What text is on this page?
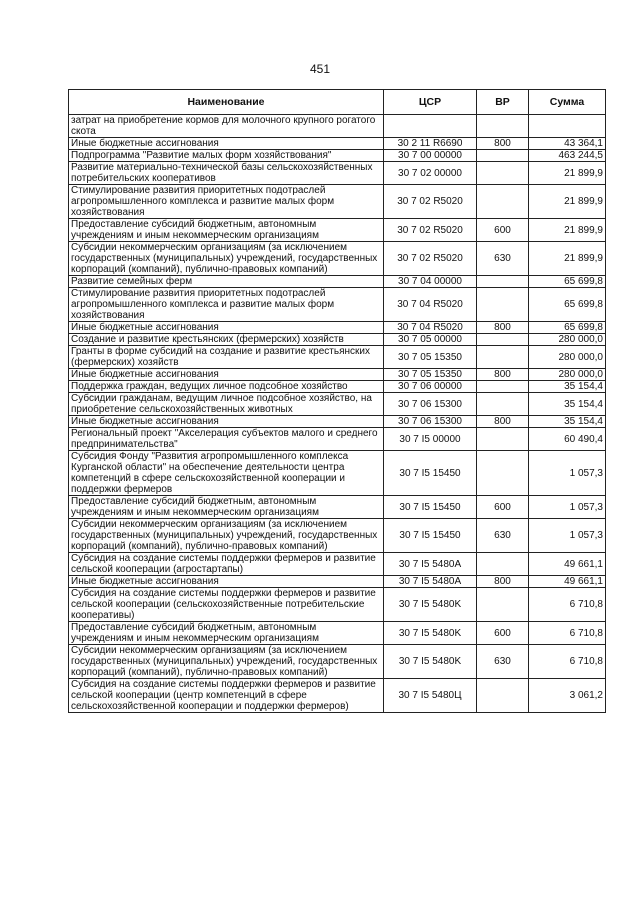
451
Наименование	ЦСР	ВР	Сумма
затрат на приобретение кормов для молочного крупного рогатого скота			
Иные бюджетные ассигнования	30 2 11 R6690	800	43 364,1
Подпрограмма "Развитие малых форм хозяйствования"	30 7 00 00000		463 244,5
Развитие материально-технической базы сельскохозяйственных потребительских кооперативов	30 7 02 00000		21 899,9
Стимулирование развития приоритетных подотраслей агропромышленного комплекса и развитие малых форм хозяйствования	30 7 02 R5020		21 899,9
Предоставление субсидий бюджетным, автономным учреждениям и иным некоммерческим организациям	30 7 02 R5020	600	21 899,9
Субсидии некоммерческим организациям (за исключением государственных (муниципальных) учреждений, государственных корпораций (компаний), публично-правовых компаний)	30 7 02 R5020	630	21 899,9
Развитие семейных ферм	30 7 04 00000		65 699,8
Стимулирование развития приоритетных подотраслей агропромышленного комплекса и развитие малых форм хозяйствования	30 7 04 R5020		65 699,8
Иные бюджетные ассигнования	30 7 04 R5020	800	65 699,8
Создание и развитие крестьянских (фермерских) хозяйств	30 7 05 00000		280 000,0
Гранты в форме субсидий на создание и развитие крестьянских (фермерских) хозяйств	30 7 05 15350		280 000,0
Иные бюджетные ассигнования	30 7 05 15350	800	280 000,0
Поддержка граждан, ведущих личное подсобное хозяйство	30 7 06 00000		35 154,4
Субсидии гражданам, ведущим личное подсобное хозяйство, на приобретение сельскохозяйственных животных	30 7 06 15300		35 154,4
Иные бюджетные ассигнования	30 7 06 15300	800	35 154,4
Региональный проект "Акселерация субъектов малого и среднего предпринимательства"	30 7 I5 00000		60 490,4
Субсидия Фонду "Развития агропромышленного комплекса Курганской области" на обеспечение деятельности центра компетенций в сфере сельскохозяйственной кооперации и поддержки фермеров	30 7 I5 15450		1 057,3
Предоставление субсидий бюджетным, автономным учреждениям и иным некоммерческим организациям	30 7 I5 15450	600	1 057,3
Субсидии некоммерческим организациям (за исключением государственных (муниципальных) учреждений, государственных корпораций (компаний), публично-правовых компаний)	30 7 I5 15450	630	1 057,3
Субсидия на создание системы поддержки фермеров и развитие сельской кооперации (агростартапы)	30 7 I5 5480A		49 661,1
Иные бюджетные ассигнования	30 7 I5 5480A	800	49 661,1
Субсидия на создание системы поддержки фермеров и развитие сельской кооперации (сельскохозяйственные потребительские кооперативы)	30 7 I5 5480K		6 710,8
Предоставление субсидий бюджетным, автономным учреждениям и иным некоммерческим организациям	30 7 I5 5480K	600	6 710,8
Субсидии некоммерческим организациям (за исключением государственных (муниципальных) учреждений, государственных корпораций (компаний), публично-правовых компаний)	30 7 I5 5480K	630	6 710,8
Субсидия на создание системы поддержки фермеров и развитие сельской кооперации (центр компетенций в сфере сельскохозяйственной кооперации и поддержки фермеров)	30 7 I5 5480Ц		3 061,2
